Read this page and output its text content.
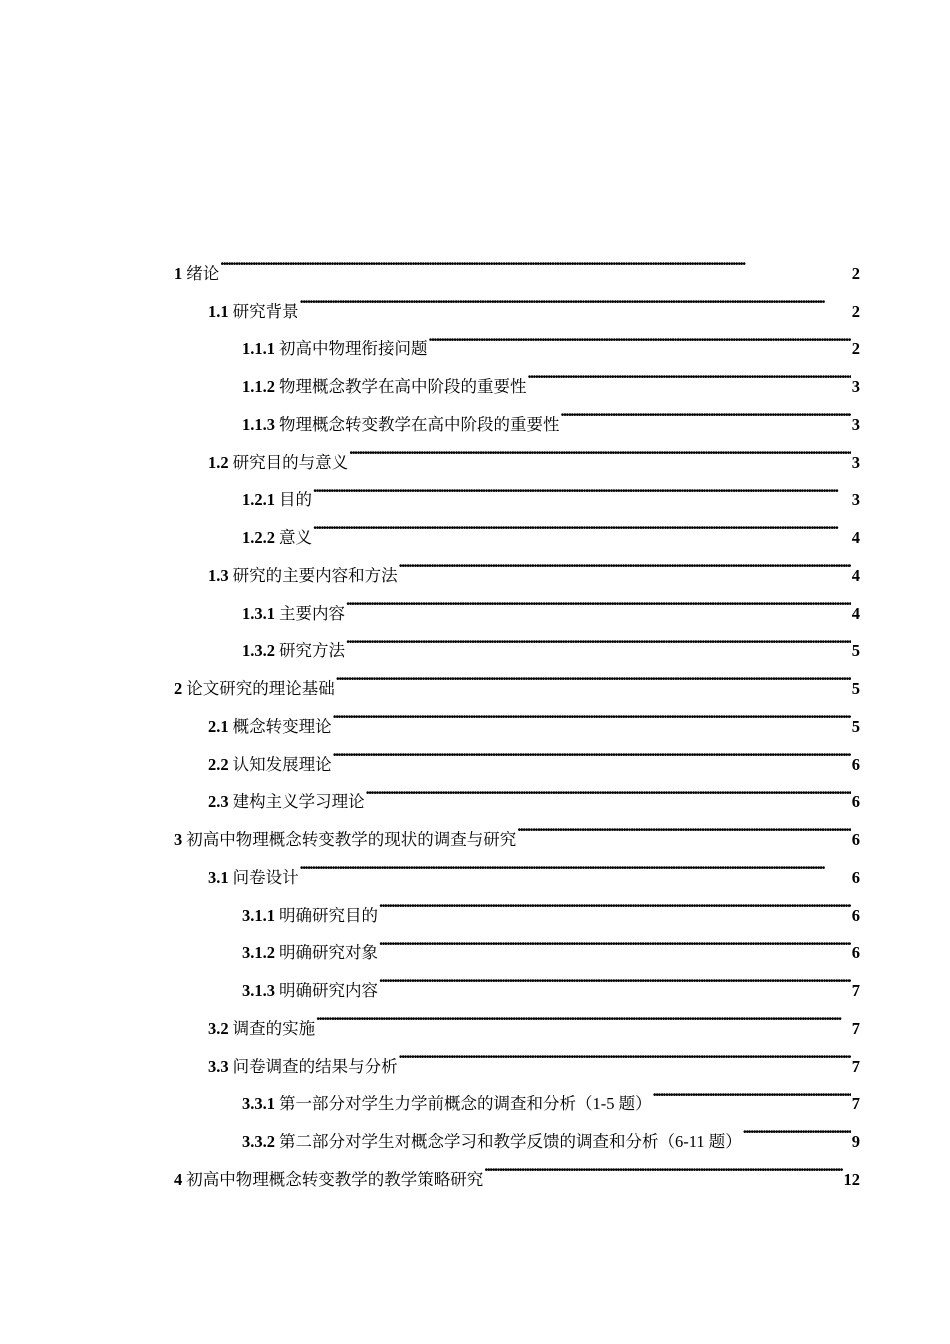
1 绪论 . . .	2
1.1 研究背景 . . .	2
1.1.1 初高中物理衔接问题 . . .	2
1.1.2 物理概念教学在高中阶段的重要性 . . .	3
1.1.3 物理概念转变教学在高中阶段的重要性 . . .	3
1.2 研究目的与意义 . . .	3
1.2.1 目的 . . .	3
1.2.2 意义 . . .	4
1.3 研究的主要内容和方法 . . .	4
1.3.1 主要内容 . . .	4
1.3.2 研究方法 . . .	5
2 论文研究的理论基础 . . .	5
2.1 概念转变理论 . . .	5
2.2 认知发展理论 . . .	6
2.3 建构主义学习理论 . . .	6
3 初高中物理概念转变教学的现状的调查与研究 . . .	6
3.1 问卷设计 . . .	6
3.1.1 明确研究目的 . . .	6
3.1.2 明确研究对象 . . .	6
3.1.3 明确研究内容 . . .	7
3.2 调查的实施 . . .	7
3.3 问卷调查的结果与分析 . . .	7
3.3.1 第一部分对学生力学前概念的调查和分析（1-5 题） . . .	7
3.3.2 第二部分对学生对概念学习和教学反馈的调查和分析（6-11 题） . . .	9
4 初高中物理概念转变教学的教学策略研究 . . .	12
